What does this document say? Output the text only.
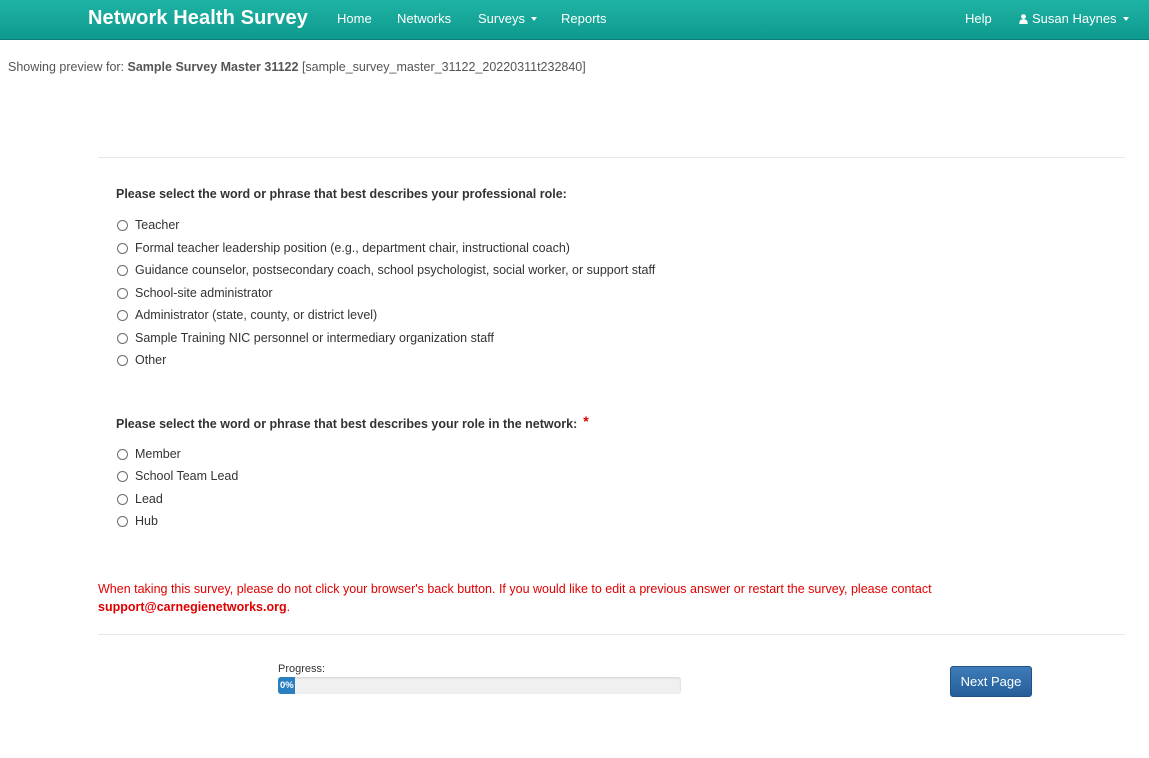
Network Health Survey Home Networks Surveys	Reports	Help	Susan Haynes
Showing preview for: Sample Survey Master 31122 [sample_survey_master_31122_20220311t232840]
Please select the word or phrase that best describes your professional role:
Teacher
Formal teacher leadership position (e.g., department chair, instructional coach)
Guidance counselor, postsecondary coach, school psychologist, social worker, or support staff
School-site administrator
Administrator (state, county, or district level)
Sample Training NIC personnel or intermediary organization staff
Other
Please select the word or phrase that best describes your role in the network: *
Member
School Team Lead
Lead
Hub
When taking this survey, please do not click your browser's back button. If you would like to edit a previous answer or restart the survey, please contact
support@carnegienetworks.org.
Progress:
0%	Next Page
